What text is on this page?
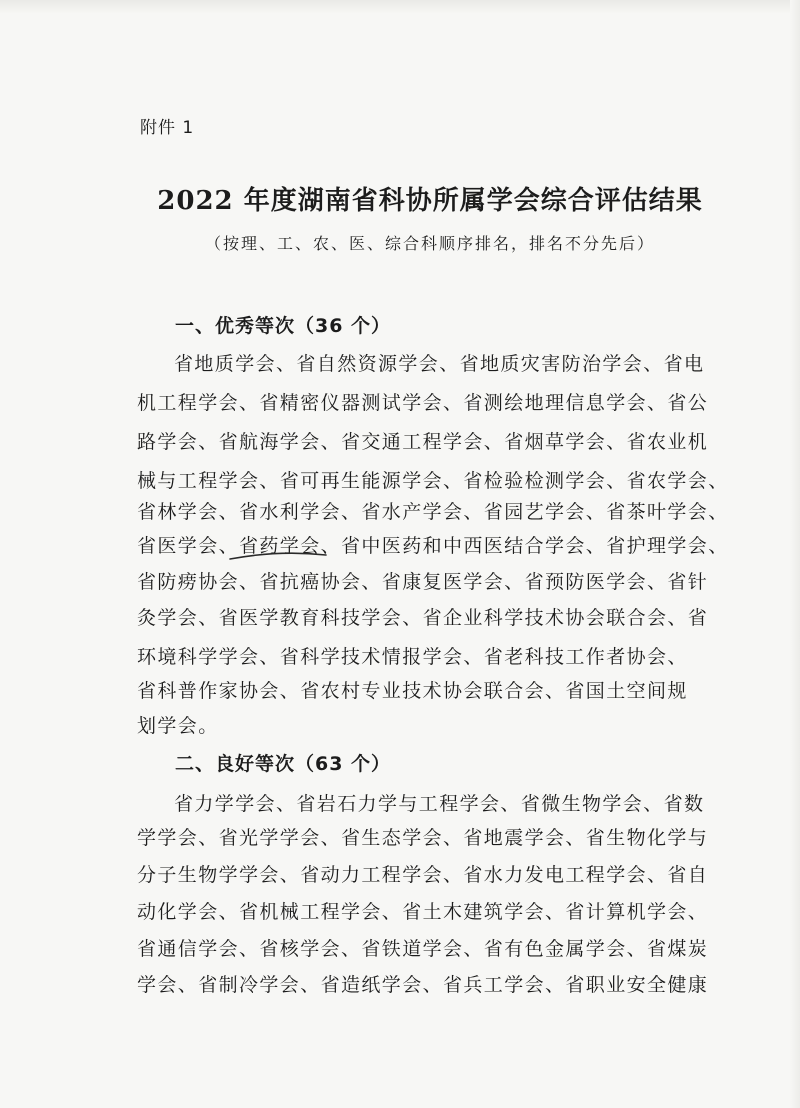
附件 1
2022 年度湖南省科协所属学会综合评估结果
（按理、工、农、医、综合科顺序排名，排名不分先后）
一、优秀等次（36 个）
省地质学会、省自然资源学会、省地质灾害防治学会、省电
机工程学会、省精密仪器测试学会、省测绘地理信息学会、省公
路学会、省航海学会、省交通工程学会、省烟草学会、省农业机
械与工程学会、省可再生能源学会、省检验检测学会、省农学会、
省林学会、省水利学会、省水产学会、省园艺学会、省茶叶学会、
省医学会、省药学会、省中医药和中西医结合学会、省护理学会、
省防痨协会、省抗癌协会、省康复医学会、省预防医学会、省针
灸学会、省医学教育科技学会、省企业科学技术协会联合会、省
环境科学学会、省科学技术情报学会、省老科技工作者协会、
省科普作家协会、省农村专业技术协会联合会、省国土空间规
划学会。
二、良好等次（63 个）
省力学学会、省岩石力学与工程学会、省微生物学会、省数
学学会、省光学学会、省生态学会、省地震学会、省生物化学与
分子生物学学会、省动力工程学会、省水力发电工程学会、省自
动化学会、省机械工程学会、省土木建筑学会、省计算机学会、
省通信学会、省核学会、省铁道学会、省有色金属学会、省煤炭
学会、省制冷学会、省造纸学会、省兵工学会、省职业安全健康
